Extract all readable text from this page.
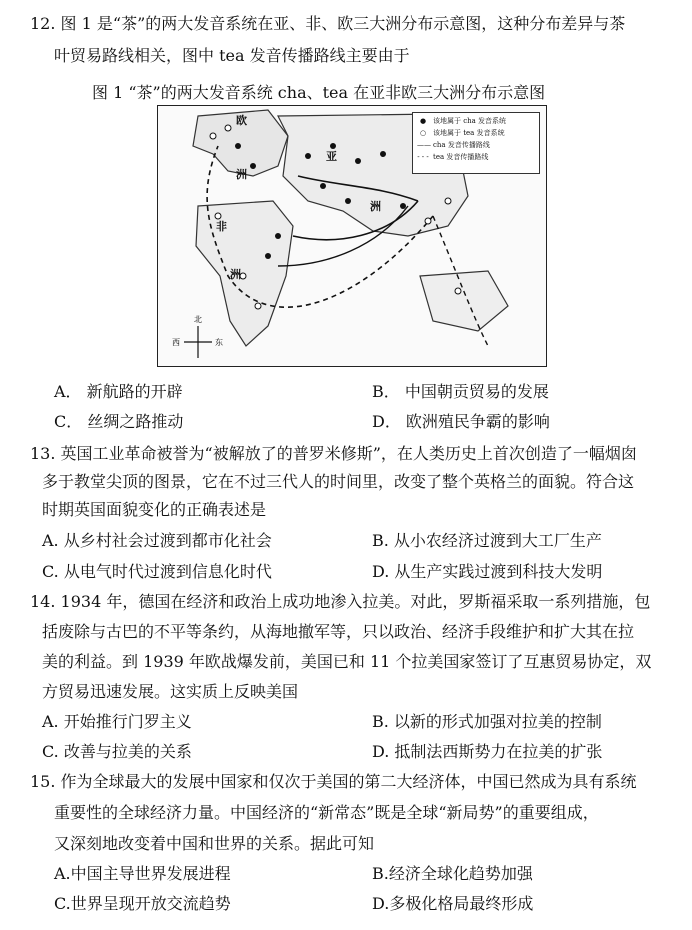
12. 图 1 是“茶”的两大发音系统在亚、非、欧三大洲分布示意图，这种分布差异与茶
叶贸易路线相关，图中 tea 发音传播路线主要由于
图 1 “茶”的两大发音系统 cha、tea 在亚非欧三大洲分布示意图
北
西	东
欧
洲
亚
洲
非
洲
● 该地属于 cha 发音系统
○ 该地属于 tea 发音系统
—— cha 发音传播路线
- - - tea 发音传播路线
A． 新航路的开辟	B． 中国朝贡贸易的发展
C． 丝绸之路推动	D． 欧洲殖民争霸的影响
13. 英国工业革命被誉为“被解放了的普罗米修斯”，在人类历史上首次创造了一幅烟囱
多于教堂尖顶的图景，它在不过三代人的时间里，改变了整个英格兰的面貌。符合这
时期英国面貌变化的正确表述是
A. 从乡村社会过渡到都市化社会	B. 从小农经济过渡到大工厂生产
C. 从电气时代过渡到信息化时代	D. 从生产实践过渡到科技大发明
14. 1934 年，德国在经济和政治上成功地渗入拉美。对此，罗斯福采取一系列措施，包
括废除与古巴的不平等条约，从海地撤军等，只以政治、经济手段维护和扩大其在拉
美的利益。到 1939 年欧战爆发前，美国已和 11 个拉美国家签订了互惠贸易协定，双
方贸易迅速发展。这实质上反映美国
A. 开始推行门罗主义	B. 以新的形式加强对拉美的控制
C. 改善与拉美的关系	D. 抵制法西斯势力在拉美的扩张
15. 作为全球最大的发展中国家和仅次于美国的第二大经济体，中国已然成为具有系统
重要性的全球经济力量。中国经济的“新常态”既是全球“新局势”的重要组成，
又深刻地改变着中国和世界的关系。据此可知
A.中国主导世界发展进程	B.经济全球化趋势加强
C.世界呈现开放交流趋势	D.多极化格局最终形成
